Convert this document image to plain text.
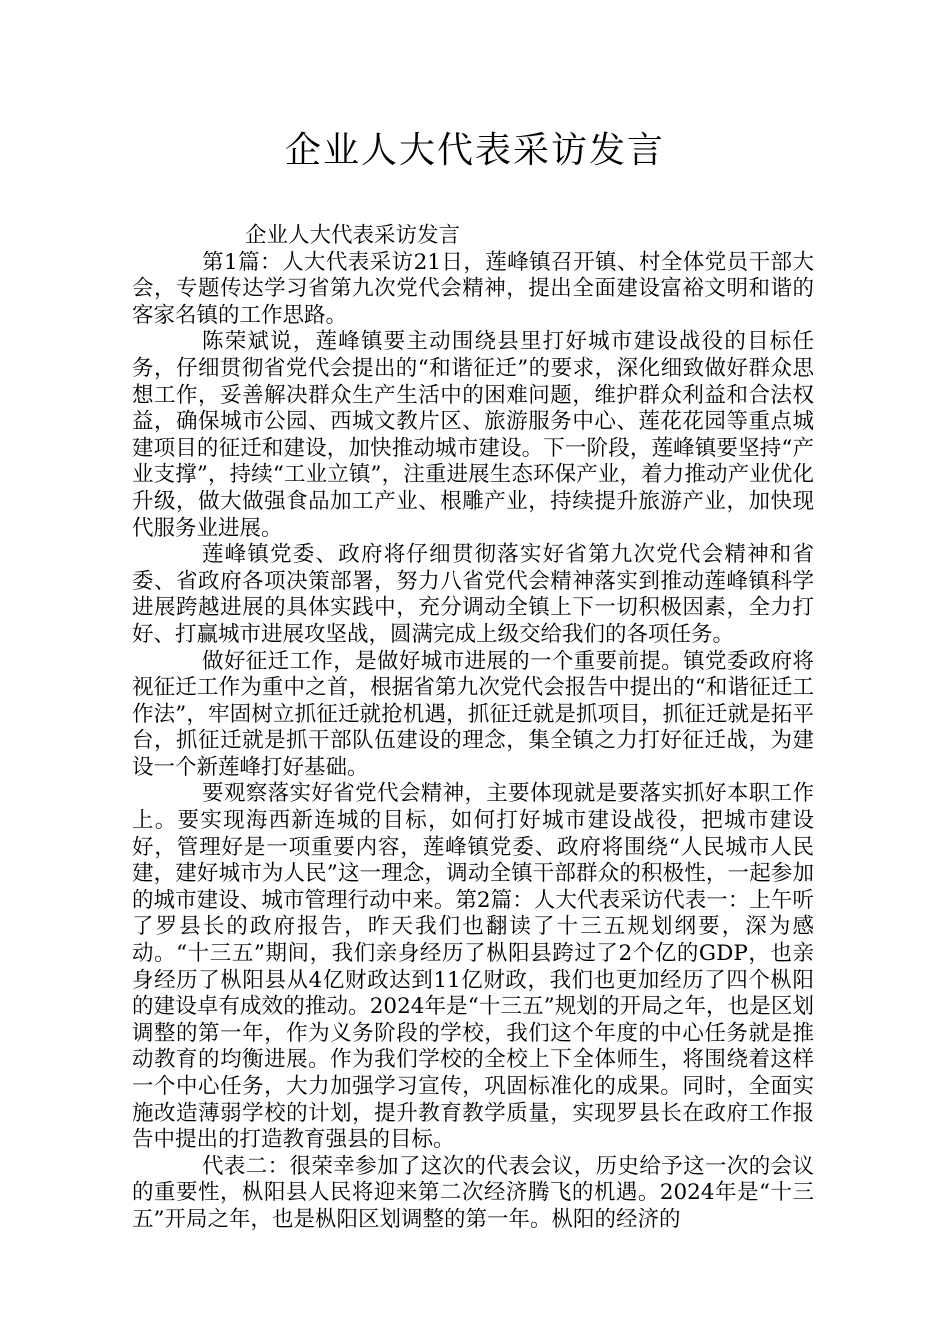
企业人大代表采访发言

企业人大代表采访发言

第1篇：人大代表采访21日，莲峰镇召开镇、村全体党员干部大会，专题传达学习省第九次党代会精神，提出全面建设富裕文明和谐的客家名镇的工作思路。

陈荣斌说，莲峰镇要主动围绕县里打好城市建设战役的目标任务，仔细贯彻省党代会提出的“和谐征迁”的要求，深化细致做好群众思想工作，妥善解决群众生产生活中的困难问题，维护群众利益和合法权益，确保城市公园、西城文教片区、旅游服务中心、莲花花园等重点城建项目的征迁和建设，加快推动城市建设。下一阶段，莲峰镇要坚持“产业支撑”，持续“工业立镇”，注重进展生态环保产业，着力推动产业优化升级，做大做强食品加工产业、根雕产业，持续提升旅游产业，加快现代服务业进展。

莲峰镇党委、政府将仔细贯彻落实好省第九次党代会精神和省委、省政府各项决策部署，努力八省党代会精神落实到推动莲峰镇科学进展跨越进展的具体实践中，充分调动全镇上下一切积极因素，全力打好、打赢城市进展攻坚战，圆满完成上级交给我们的各项任务。

做好征迁工作，是做好城市进展的一个重要前提。镇党委政府将视征迁工作为重中之首，根据省第九次党代会报告中提出的“和谐征迁工作法”，牢固树立抓征迁就抢机遇，抓征迁就是抓项目，抓征迁就是拓平台，抓征迁就是抓干部队伍建设的理念，集全镇之力打好征迁战，为建设一个新莲峰打好基础。

要观察落实好省党代会精神，主要体现就是要落实抓好本职工作上。要实现海西新连城的目标，如何打好城市建设战役，把城市建设好，管理好是一项重要内容，莲峰镇党委、政府将围绕“人民城市人民建，建好城市为人民”这一理念，调动全镇干部群众的积极性，一起参加的城市建设、城市管理行动中来。第2篇：人大代表采访代表一：上午听了罗县长的政府报告，昨天我们也翻读了十三五规划纲要，深为感动。“十三五”期间，我们亲身经历了枞阳县跨过了2个亿的GDP，也亲身经历了枞阳县从4亿财政达到11亿财政，我们也更加经历了四个枞阳的建设卓有成效的推动。2024年是“十三五”规划的开局之年，也是区划调整的第一年，作为义务阶段的学校，我们这个年度的中心任务就是推动教育的均衡进展。作为我们学校的全校上下全体师生，将围绕着这样一个中心任务，大力加强学习宣传，巩固标准化的成果。同时，全面实施改造薄弱学校的计划，提升教育教学质量，实现罗县长在政府工作报告中提出的打造教育强县的目标。

代表二：很荣幸参加了这次的代表会议，历史给予这一次的会议的重要性，枞阳县人民将迎来第二次经济腾飞的机遇。2024年是“十三五”开局之年，也是枞阳区划调整的第一年。枞阳的经济的
